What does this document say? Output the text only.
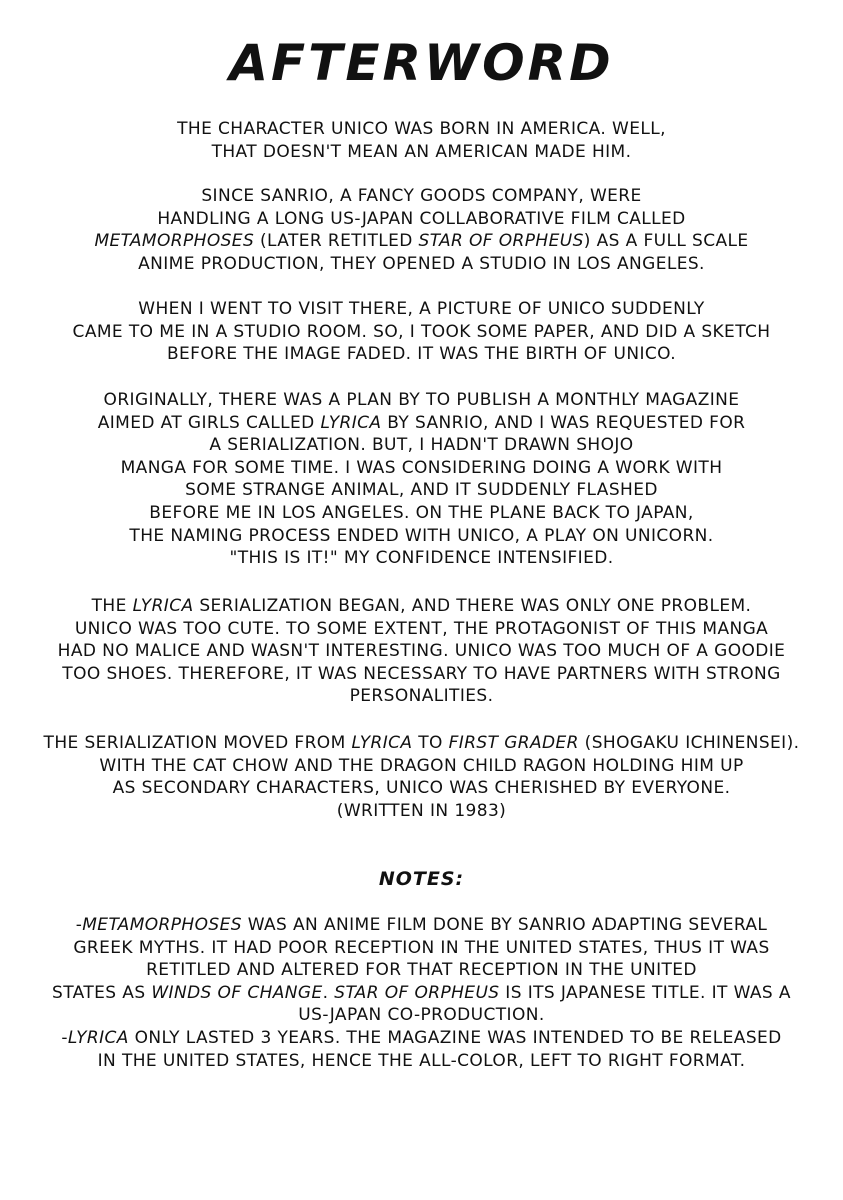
AFTERWORD
THE CHARACTER UNICO WAS BORN IN AMERICA. WELL,
THAT DOESN'T MEAN AN AMERICAN MADE HIM.
SINCE SANRIO, A FANCY GOODS COMPANY, WERE
HANDLING A LONG US-JAPAN COLLABORATIVE FILM CALLED
METAMORPHOSES (LATER RETITLED STAR OF ORPHEUS) AS A FULL SCALE
ANIME PRODUCTION, THEY OPENED A STUDIO IN LOS ANGELES.
WHEN I WENT TO VISIT THERE, A PICTURE OF UNICO SUDDENLY
CAME TO ME IN A STUDIO ROOM. SO, I TOOK SOME PAPER, AND DID A SKETCH
BEFORE THE IMAGE FADED. IT WAS THE BIRTH OF UNICO.
ORIGINALLY, THERE WAS A PLAN BY TO PUBLISH A MONTHLY MAGAZINE
AIMED AT GIRLS CALLED LYRICA BY SANRIO, AND I WAS REQUESTED FOR
A SERIALIZATION. BUT, I HADN'T DRAWN SHOJO
MANGA FOR SOME TIME. I WAS CONSIDERING DOING A WORK WITH
SOME STRANGE ANIMAL, AND IT SUDDENLY FLASHED
BEFORE ME IN LOS ANGELES. ON THE PLANE BACK TO JAPAN,
THE NAMING PROCESS ENDED WITH UNICO, A PLAY ON UNICORN.
"THIS IS IT!" MY CONFIDENCE INTENSIFIED.
THE LYRICA SERIALIZATION BEGAN, AND THERE WAS ONLY ONE PROBLEM.
UNICO WAS TOO CUTE. TO SOME EXTENT, THE PROTAGONIST OF THIS MANGA
HAD NO MALICE AND WASN'T INTERESTING. UNICO WAS TOO MUCH OF A GOODIE
TOO SHOES. THEREFORE, IT WAS NECESSARY TO HAVE PARTNERS WITH STRONG
PERSONALITIES.
THE SERIALIZATION MOVED FROM LYRICA TO FIRST GRADER (SHOGAKU ICHINENSEI).
WITH THE CAT CHOW AND THE DRAGON CHILD RAGON HOLDING HIM UP
AS SECONDARY CHARACTERS, UNICO WAS CHERISHED BY EVERYONE.
(WRITTEN IN 1983)
NOTES:
-METAMORPHOSES WAS AN ANIME FILM DONE BY SANRIO ADAPTING SEVERAL
GREEK MYTHS. IT HAD POOR RECEPTION IN THE UNITED STATES, THUS IT WAS
RETITLED AND ALTERED FOR THAT RECEPTION IN THE UNITED
STATES AS WINDS OF CHANGE. STAR OF ORPHEUS IS ITS JAPANESE TITLE. IT WAS A
US-JAPAN CO-PRODUCTION.
-LYRICA ONLY LASTED 3 YEARS. THE MAGAZINE WAS INTENDED TO BE RELEASED
IN THE UNITED STATES, HENCE THE ALL-COLOR, LEFT TO RIGHT FORMAT.
